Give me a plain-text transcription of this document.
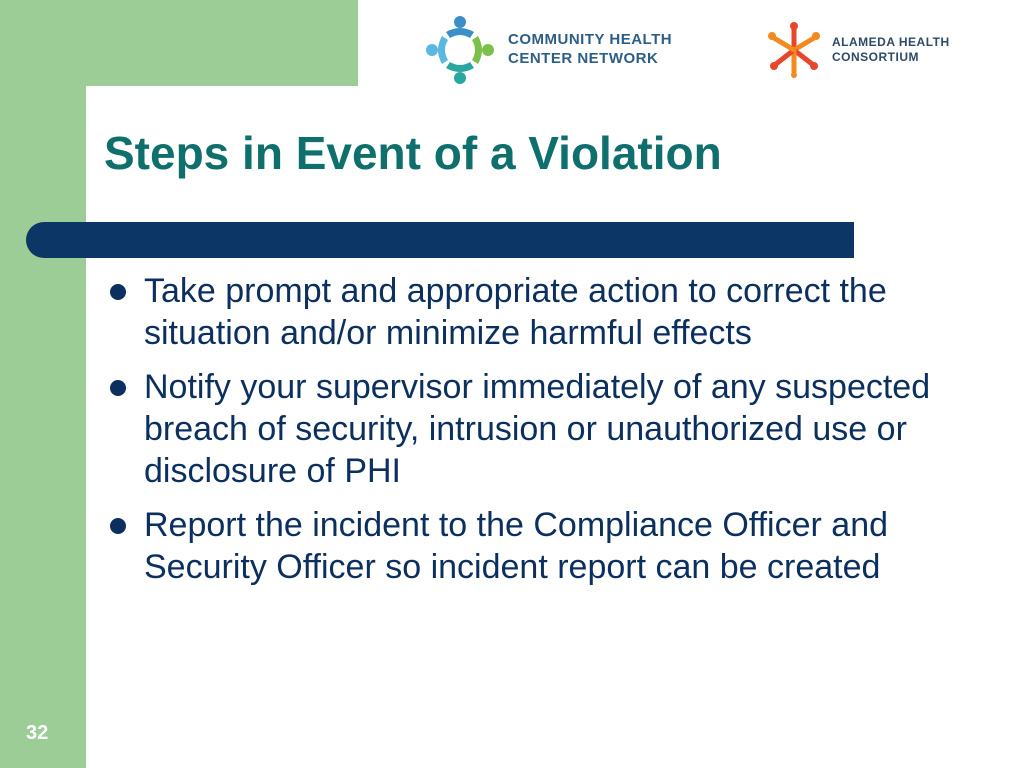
COMMUNITY HEALTH
CENTER NETWORK
ALAMEDA HEALTH
CONSORTIUM
Steps in Event of a Violation
Take prompt and appropriate action to correct the situation and/or minimize harmful effects
Notify your supervisor immediately of any suspected breach of security, intrusion or unauthorized use or disclosure of PHI
Report the incident to the Compliance Officer and Security Officer so incident report can be created
32
